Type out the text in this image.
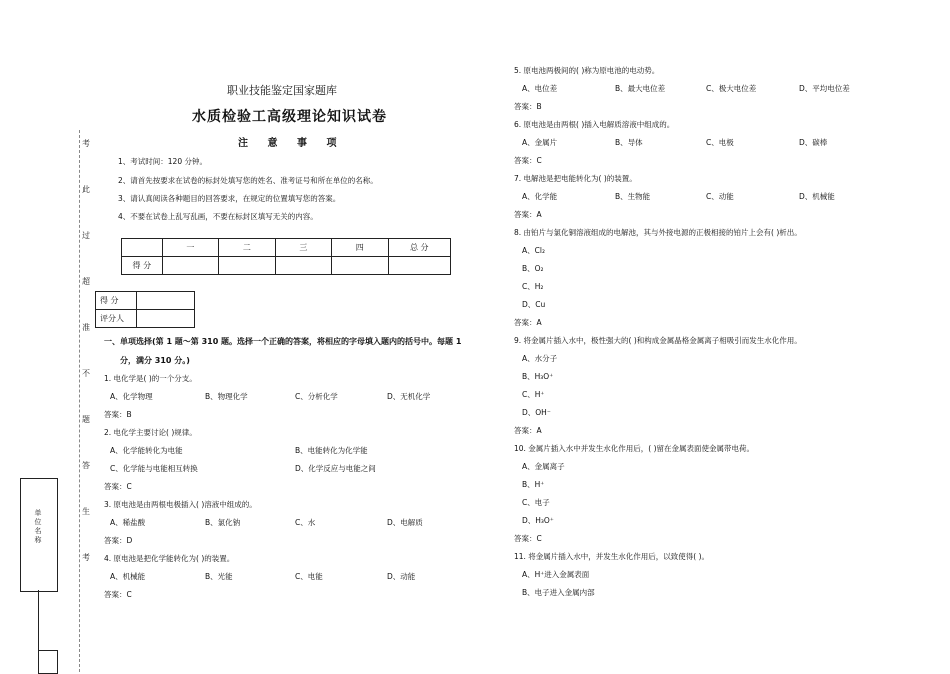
考
此
过
超
准
不
题
答
生
考
单位名称
职业技能鉴定国家题库
水质检验工高级理论知识试卷
注 意 事 项
1、考试时间：120 分钟。
2、请首先按要求在试卷的标封处填写您的姓名、准考证号和所在单位的名称。
3、请认真阅读各种题目的回答要求，在规定的位置填写您的答案。
4、不要在试卷上乱写乱画，不要在标封区填写无关的内容。
	一	二	三	四	总 分
得 分					
得 分	
评分人	
一、单项选择(第 1 题～第 310 题。选择一个正确的答案，将相应的字母填入题内的括号中。每题 1
分，满分 310 分。)
1. 电化学是( )的一个分支。
A、化学物理	B、物理化学	C、分析化学	D、无机化学
答案：B
2. 电化学主要讨论( )规律。
A、化学能转化为电能	B、电能转化为化学能
C、化学能与电能相互转换	D、化学反应与电能之间
答案：C
3. 原电池是由两根电极插入( )溶液中组成的。
A、稀盐酸	B、氯化钠	C、水	D、电解质
答案：D
4. 原电池是把化学能转化为( )的装置。
A、机械能	B、光能	C、电能	D、动能
答案：C
5. 原电池两极间的( )称为原电池的电动势。
A、电位差	B、最大电位差	C、极大电位差	D、平均电位差
答案：B
6. 原电池是由两根( )插入电解质溶液中组成的。
A、金属片	B、导体	C、电极	D、碳棒
答案：C
7. 电解池是把电能转化为( )的装置。
A、化学能	B、生物能	C、动能	D、机械能
答案：A
8. 由铂片与氯化铜溶液组成的电解池，其与外接电源的正极相接的铂片上会有( )析出。
A、Cl₂
B、O₂
C、H₂
D、Cu
答案：A
9. 将金属片插入水中，极性强大的( )和构成金属晶格金属离子相吸引而发生水化作用。
A、水分子
B、H₃O⁺
C、H⁺
D、OH⁻
答案：A
10. 金属片插入水中并发生水化作用后，( )留在金属表面使金属带电荷。
A、金属离子
B、H⁺
C、电子
D、H₃O⁺
答案：C
11. 将金属片插入水中，并发生水化作用后，以致使得( )。
A、H⁺进入金属表面
B、电子进入金属内部
